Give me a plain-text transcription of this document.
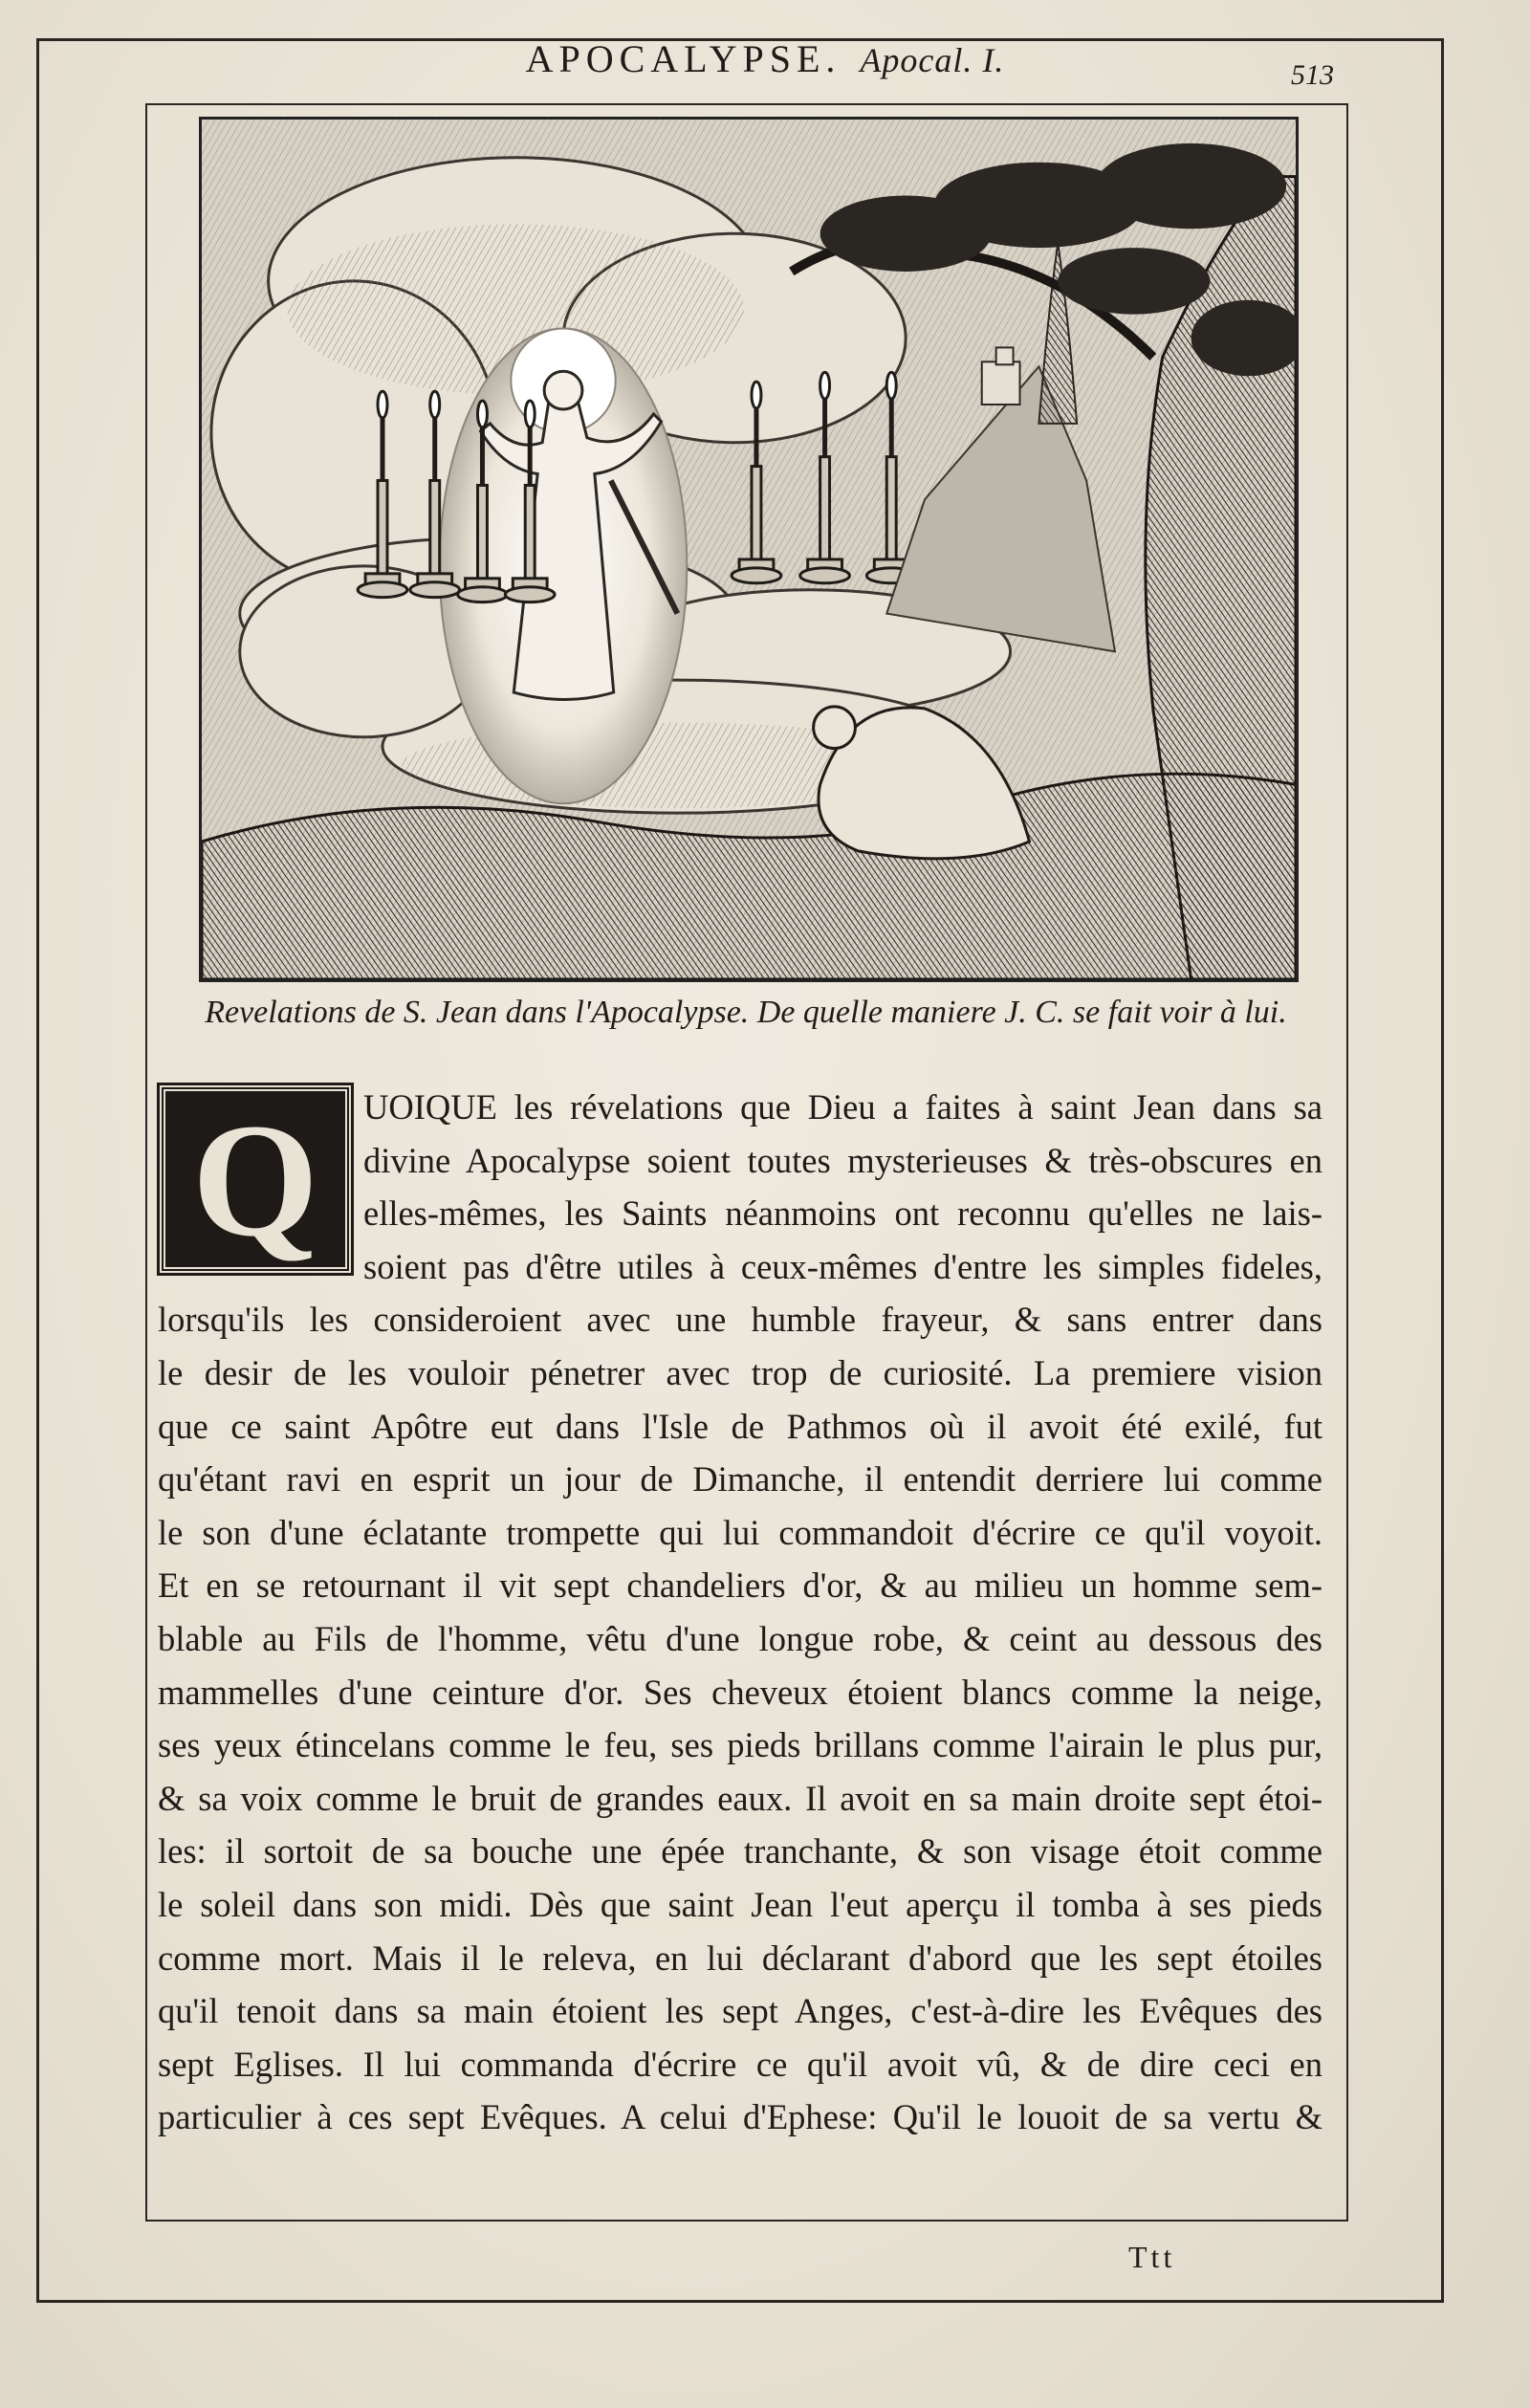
APOCALYPSE. Apocal. I.	513
Revelations de S. Jean dans l'Apocalypse. De quelle maniere J. C. se fait voir à lui.
Q	UOIQUE les révelations que Dieu a faites à saint Jean dans sa
divine Apocalypse soient toutes mysterieuses & très-obscures en
elles-mêmes, les Saints néanmoins ont reconnu qu'elles ne lais-
soient pas d'être utiles à ceux-mêmes d'entre les simples fideles,
lorsqu'ils les consideroient avec une humble frayeur, & sans entrer dans
le desir de les vouloir pénetrer avec trop de curiosité. La premiere vision
que ce saint Apôtre eut dans l'Isle de Pathmos où il avoit été exilé, fut
qu'étant ravi en esprit un jour de Dimanche, il entendit derriere lui comme
le son d'une éclatante trompette qui lui commandoit d'écrire ce qu'il voyoit.
Et en se retournant il vit sept chandeliers d'or, & au milieu un homme sem-
blable au Fils de l'homme, vêtu d'une longue robe, & ceint au dessous des
mammelles d'une ceinture d'or. Ses cheveux étoient blancs comme la neige,
ses yeux étincelans comme le feu, ses pieds brillans comme l'airain le plus pur,
& sa voix comme le bruit de grandes eaux. Il avoit en sa main droite sept étoi-
les: il sortoit de sa bouche une épée tranchante, & son visage étoit comme
le soleil dans son midi. Dès que saint Jean l'eut aperçu il tomba à ses pieds
comme mort. Mais il le releva, en lui déclarant d'abord que les sept étoiles
qu'il tenoit dans sa main étoient les sept Anges, c'est-à-dire les Evêques des
sept Eglises. Il lui commanda d'écrire ce qu'il avoit vû, & de dire ceci en
particulier à ces sept Evêques. A celui d'Ephese: Qu'il le louoit de sa vertu &
Ttt
